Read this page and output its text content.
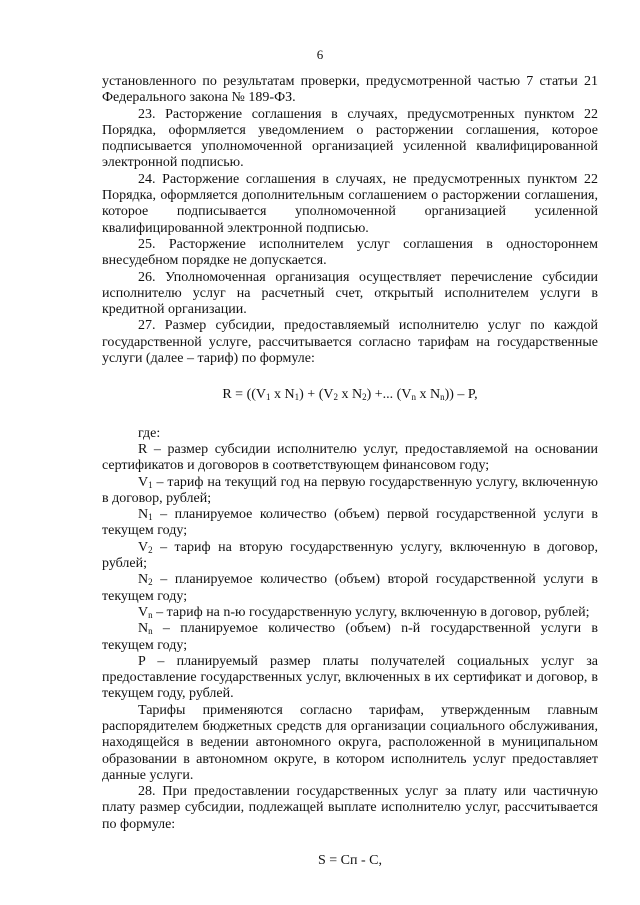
6

установленного по результатам проверки, предусмотренной частью 7 статьи 21 Федерального закона № 189-ФЗ.

23. Расторжение соглашения в случаях, предусмотренных пунктом 22 Порядка, оформляется уведомлением о расторжении соглашения, которое подписывается уполномоченной организацией усиленной квалифицированной электронной подписью.

24. Расторжение соглашения в случаях, не предусмотренных пунктом 22 Порядка, оформляется дополнительным соглашением о расторжении соглашения, которое подписывается уполномоченной организацией усиленной квалифицированной электронной подписью.

25. Расторжение исполнителем услуг соглашения в одностороннем внесудебном порядке не допускается.

26. Уполномоченная организация осуществляет перечисление субсидии исполнителю услуг на расчетный счет, открытый исполнителем услуги в кредитной организации.

27. Размер субсидии, предоставляемый исполнителю услуг по каждой государственной услуге, рассчитывается согласно тарифам на государственные услуги (далее – тариф) по формуле:

$R = ((V_1$ x $N_1) + (V_2$ x $N_2$) +... ($V_n$ x $N_n$)) – P,

где:

R – размер субсидии исполнителю услуг, предоставляемой на основании сертификатов и договоров в соответствующем финансовом году;

$V_1$ – тариф на текущий год на первую государственную услугу, включенную в договор, рублей;

$N_1$ – планируемое количество (объем) первой государственной услуги в текущем году;

$V_2$ – тариф на вторую государственную услугу, включенную в договор, рублей;

$N_2$ – планируемое количество (объем) второй государственной услуги в текущем году;

$V_n$ – тариф на n-ю государственную услугу, включенную в договор, рублей;

$N_n$ – планируемое количество (объем) n-й государственной услуги в текущем году;

P – планируемый размер платы получателей социальных услуг за предоставление государственных услуг, включенных в их сертификат и договор, в текущем году, рублей.

Тарифы применяются согласно тарифам, утвержденным главным распорядителем бюджетных средств для организации социального обслуживания, находящейся в ведении автономного округа, расположенной в муниципальном образовании в автономном округе, в котором исполнитель услуг предоставляет данные услуги.

28. При предоставлении государственных услуг за плату или частичную плату размер субсидии, подлежащей выплате исполнителю услуг, рассчитывается по формуле:

S = Сп - С,
